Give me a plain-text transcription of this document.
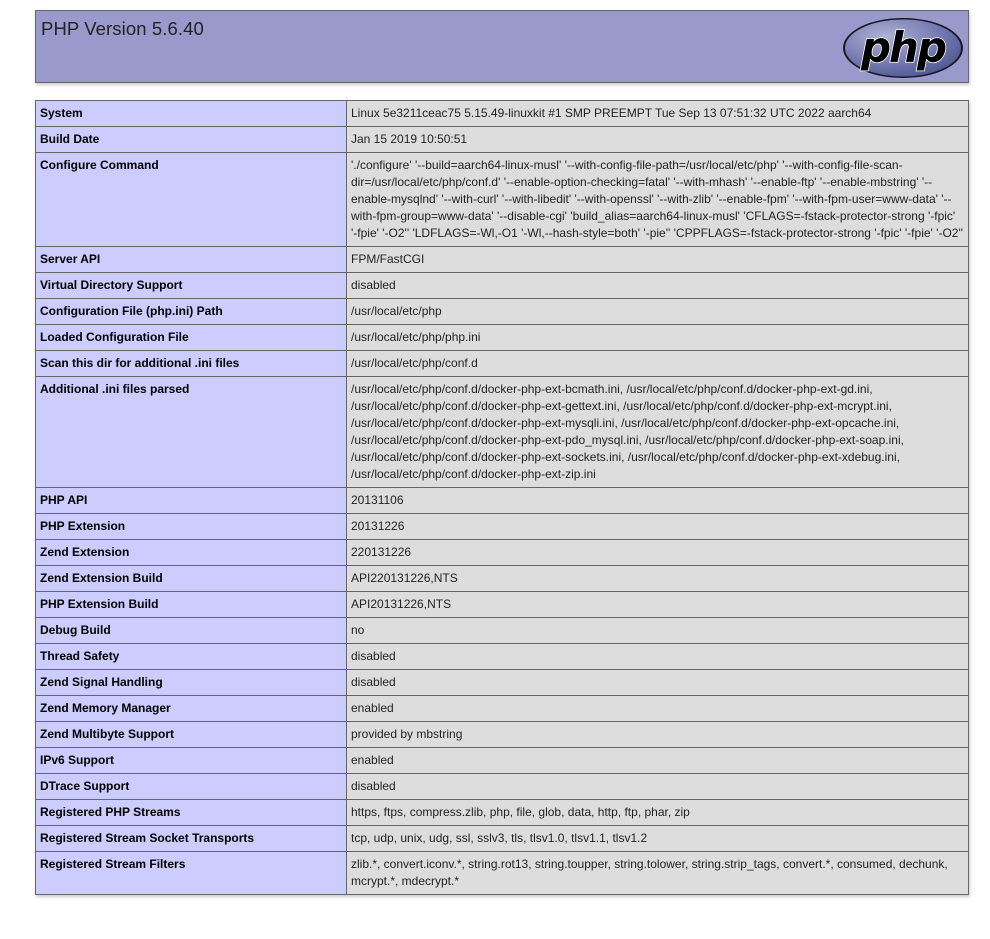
PHP Version 5.6.40	php
System	Linux 5e3211ceac75 5.15.49-linuxkit #1 SMP PREEMPT Tue Sep 13 07:51:32 UTC 2022 aarch64
Build Date	Jan 15 2019 10:50:51
Configure Command	'./configure' '--build=aarch64-linux-musl' '--with-config-file-path=/usr/local/etc/php' '--with-config-file-scan-dir=/usr/local/etc/php/conf.d' '--enable-option-checking=fatal' '--with-mhash' '--enable-ftp' '--enable-mbstring' '--enable-mysqlnd' '--with-curl' '--with-libedit' '--with-openssl' '--with-zlib' '--enable-fpm' '--with-fpm-user=www-data' '--with-fpm-group=www-data' '--disable-cgi' 'build_alias=aarch64-linux-musl' 'CFLAGS=-fstack-protector-strong '-fpic' '-fpie' '-O2'' 'LDFLAGS=-Wl,-O1 '-Wl,--hash-style=both' '-pie'' 'CPPFLAGS=-fstack-protector-strong '-fpic' '-fpie' '-O2''
Server API	FPM/FastCGI
Virtual Directory Support	disabled
Configuration File (php.ini) Path	/usr/local/etc/php
Loaded Configuration File	/usr/local/etc/php/php.ini
Scan this dir for additional .ini files	/usr/local/etc/php/conf.d
Additional .ini files parsed	/usr/local/etc/php/conf.d/docker-php-ext-bcmath.ini, /usr/local/etc/php/conf.d/docker-php-ext-gd.ini, /usr/local/etc/php/conf.d/docker-php-ext-gettext.ini, /usr/local/etc/php/conf.d/docker-php-ext-mcrypt.ini, /usr/local/etc/php/conf.d/docker-php-ext-mysqli.ini, /usr/local/etc/php/conf.d/docker-php-ext-opcache.ini, /usr/local/etc/php/conf.d/docker-php-ext-pdo_mysql.ini, /usr/local/etc/php/conf.d/docker-php-ext-soap.ini, /usr/local/etc/php/conf.d/docker-php-ext-sockets.ini, /usr/local/etc/php/conf.d/docker-php-ext-xdebug.ini, /usr/local/etc/php/conf.d/docker-php-ext-zip.ini
PHP API	20131106
PHP Extension	20131226
Zend Extension	220131226
Zend Extension Build	API220131226,NTS
PHP Extension Build	API20131226,NTS
Debug Build	no
Thread Safety	disabled
Zend Signal Handling	disabled
Zend Memory Manager	enabled
Zend Multibyte Support	provided by mbstring
IPv6 Support	enabled
DTrace Support	disabled
Registered PHP Streams	https, ftps, compress.zlib, php, file, glob, data, http, ftp, phar, zip
Registered Stream Socket Transports	tcp, udp, unix, udg, ssl, sslv3, tls, tlsv1.0, tlsv1.1, tlsv1.2
Registered Stream Filters	zlib.*, convert.iconv.*, string.rot13, string.toupper, string.tolower, string.strip_tags, convert.*, consumed, dechunk, mcrypt.*, mdecrypt.*
